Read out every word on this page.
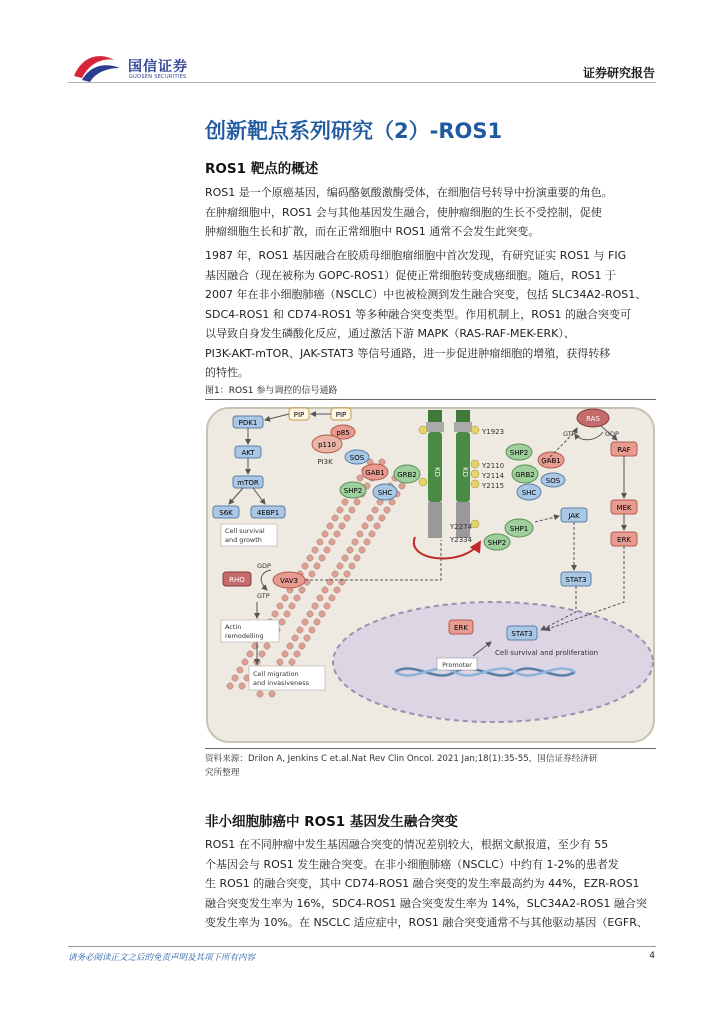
国信证券
GUOSEN SECURITIES	证券研究报告
创新靶点系列研究（2）-ROS1
ROS1 靶点的概述
ROS1 是一个原癌基因，编码酪氨酸激酶受体，在细胞信号转导中扮演重要的角色。
在肿瘤细胞中，ROS1 会与其他基因发生融合，使肿瘤细胞的生长不受控制，促使
肿瘤细胞生长和扩散，而在正常细胞中 ROS1 通常不会发生此突变。
1987 年，ROS1 基因融合在胶质母细胞瘤细胞中首次发现，有研究证实 ROS1 与 FIG
基因融合（现在被称为 GOPC-ROS1）促使正常细胞转变成癌细胞。随后，ROS1 于
2007 年在非小细胞肺癌（NSCLC）中也被检测到发生融合突变，包括 SLC34A2-ROS1、
SDC4-ROS1 和 CD74-ROS1 等多种融合突变类型。作用机制上，ROS1 的融合突变可
以导致自身发生磷酸化反应，通过激活下游 MAPK（RAS-RAF-MEK-ERK）、
PI3K-AKT-mTOR、JAK-STAT3 等信号通路，进一步促进肿瘤细胞的增殖，获得转移
的特性。
图1：ROS1 参与调控的信号通路
KD	KD
Y1923
Y2110
Y2114
Y2115
Y2274
Y2334
PIP	PIP
p85
p110
PI3K
PDK1
AKT
mTOR
S6K	4EBP1
Cell survival
and growth
SOS
GAB1 GRB2
SHP2 SHC
SHP2
GAB1
GRB2
SOS
SHC
SHP1
SHP2
JAK
STAT3
RAS
GTP	GDP
RAF
MEK
ERK
RHO	VAV3
GDP
GTP
Actin
remodelling
Cell migration
and invasiveness
ERK
STAT3
Promoter
Cell survival and proliferation
资料来源：Drilon A, Jenkins C et.al.Nat Rev Clin Oncol. 2021 Jan;18(1):35-55，国信证券经济研
究所整理
非小细胞肺癌中 ROS1 基因发生融合突变
ROS1 在不同肿瘤中发生基因融合突变的情况差别较大，根据文献报道，至少有 55
个基因会与 ROS1 发生融合突变。在非小细胞肺癌（NSCLC）中约有 1-2%的患者发
生 ROS1 的融合突变，其中 CD74-ROS1 融合突变的发生率最高约为 44%，EZR-ROS1
融合突变发生率为 16%，SDC4-ROS1 融合突变发生率为 14%，SLC34A2-ROS1 融合突
变发生率为 10%。在 NSCLC 适应症中，ROS1 融合突变通常不与其他驱动基因（EGFR、
请务必阅读正文之后的免责声明及其项下所有内容	4
